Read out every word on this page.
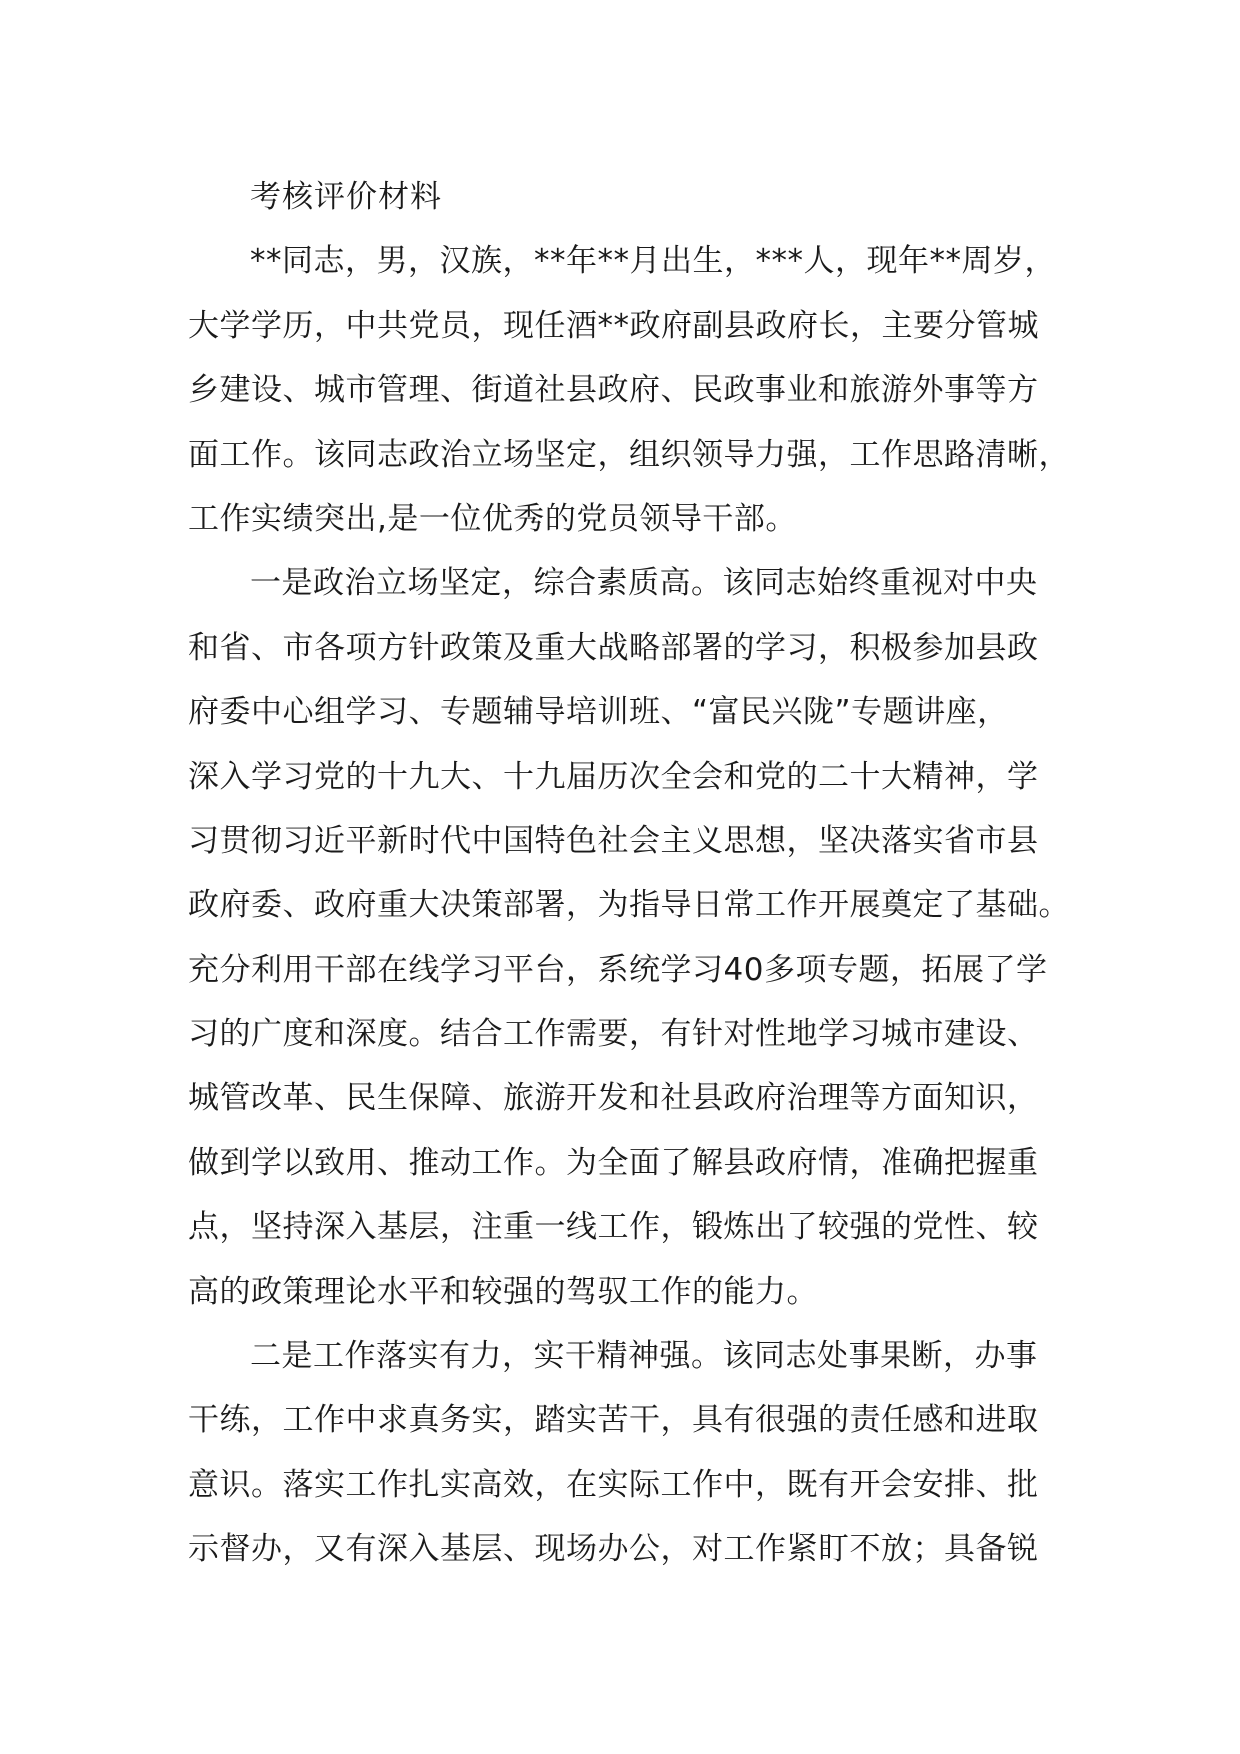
考核评价材料
**同志，男，汉族，**年**月出生，***人，现年**周岁，
大学学历，中共党员，现任酒**政府副县政府长，主要分管城
乡建设、城市管理、街道社县政府、民政事业和旅游外事等方
面工作。该同志政治立场坚定，组织领导力强，工作思路清晰，
工作实绩突出,是一位优秀的党员领导干部。
一是政治立场坚定，综合素质高。该同志始终重视对中央
和省、市各项方针政策及重大战略部署的学习，积极参加县政
府委中心组学习、专题辅导培训班、“富民兴陇”专题讲座，
深入学习党的十九大、十九届历次全会和党的二十大精神，学
习贯彻习近平新时代中国特色社会主义思想，坚决落实省市县
政府委、政府重大决策部署，为指导日常工作开展奠定了基础。
充分利用干部在线学习平台，系统学习40多项专题，拓展了学
习的广度和深度。结合工作需要，有针对性地学习城市建设、
城管改革、民生保障、旅游开发和社县政府治理等方面知识，
做到学以致用、推动工作。为全面了解县政府情，准确把握重
点，坚持深入基层，注重一线工作，锻炼出了较强的党性、较
高的政策理论水平和较强的驾驭工作的能力。
二是工作落实有力，实干精神强。该同志处事果断，办事
干练，工作中求真务实，踏实苦干，具有很强的责任感和进取
意识。落实工作扎实高效，在实际工作中，既有开会安排、批
示督办，又有深入基层、现场办公，对工作紧盯不放；具备锐
